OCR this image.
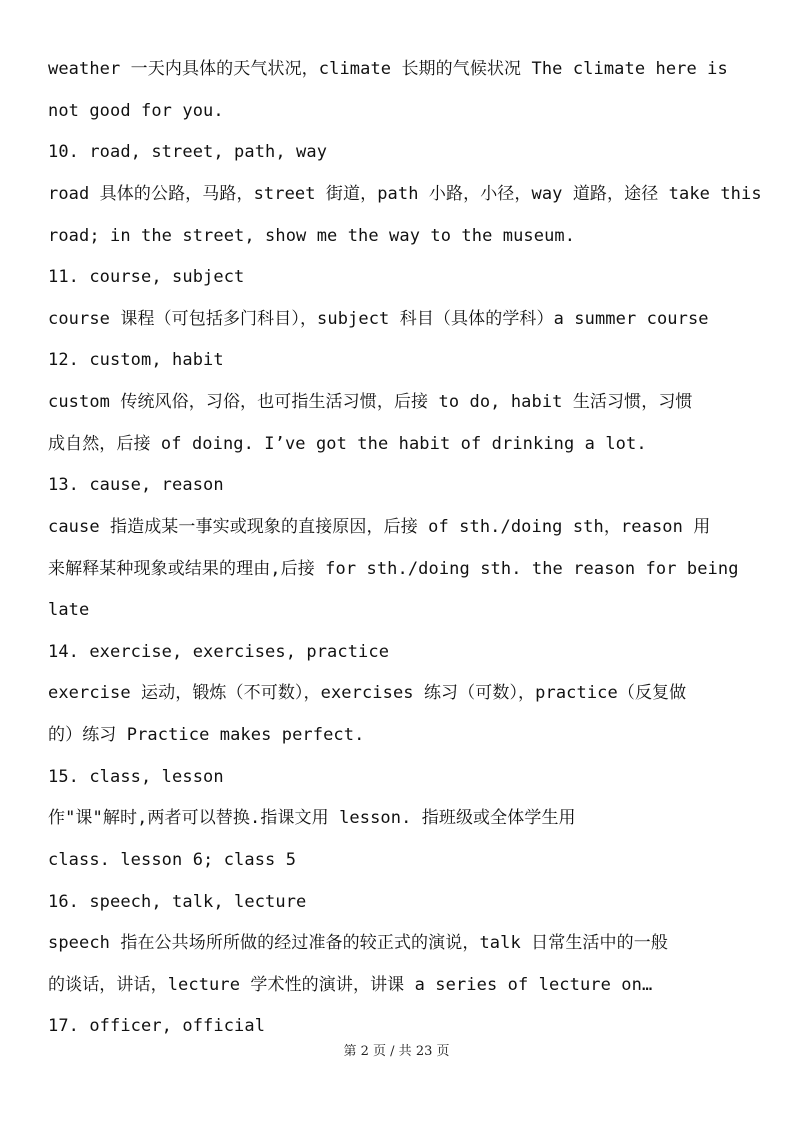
weather 一天内具体的天气状况，climate 长期的气候状况 The climate here is
not good for you.
10. road, street, path, way
road 具体的公路，马路，street 街道，path 小路，小径，way 道路，途径 take this
road; in the street, show me the way to the museum.
11. course, subject
course 课程（可包括多门科目），subject 科目（具体的学科）a summer course
12. custom, habit
custom 传统风俗，习俗，也可指生活习惯，后接 to do, habit 生活习惯，习惯
成自然，后接 of doing. I’ve got the habit of drinking a lot.
13. cause, reason
cause 指造成某一事实或现象的直接原因，后接 of sth./doing sth，reason 用
来解释某种现象或结果的理由,后接 for sth./doing sth. the reason for being
late
14. exercise, exercises, practice
exercise 运动，锻炼（不可数），exercises 练习（可数），practice（反复做
的）练习 Practice makes perfect.
15. class, lesson
作"课"解时,两者可以替换.指课文用 lesson. 指班级或全体学生用
class. lesson 6; class 5
16. speech, talk, lecture
speech 指在公共场所所做的经过准备的较正式的演说，talk 日常生活中的一般
的谈话，讲话，lecture 学术性的演讲，讲课 a series of lecture on…
17. officer, official
第 2 页 / 共 23 页
